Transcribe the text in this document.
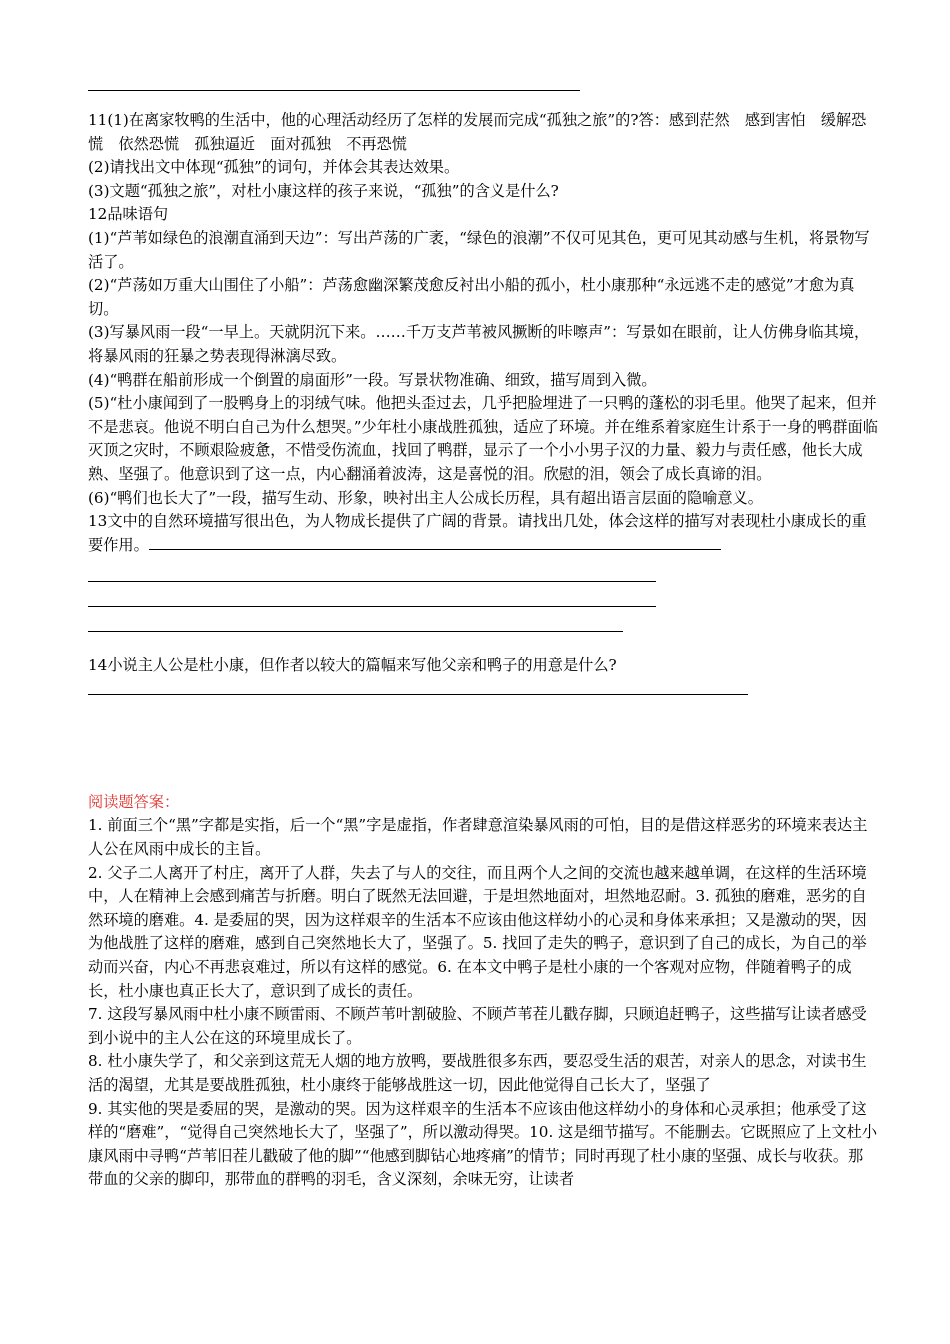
11(1)在离家牧鸭的生活中，他的心理活动经历了怎样的发展而完成“孤独之旅”的?答：感到茫然　感到害怕　缓解恐慌　依然恐慌　孤独逼近　面对孤独　不再恐慌

(2)请找出文中体现“孤独”的词句，并体会其表达效果。

(3)文题“孤独之旅”，对杜小康这样的孩子来说，“孤独”的含义是什么?

12品味语句

(1)“芦苇如绿色的浪潮直涌到天边”：写出芦荡的广袤，“绿色的浪潮”不仅可见其色，更可见其动感与生机，将景物写活了。

(2)“芦荡如万重大山围住了小船”：芦荡愈幽深繁茂愈反衬出小船的孤小，杜小康那种“永远逃不走的感觉”才愈为真切。

(3)写暴风雨一段“一早上。天就阴沉下来。……千万支芦苇被风撅断的咔嚓声”：写景如在眼前，让人仿佛身临其境，将暴风雨的狂暴之势表现得淋漓尽致。

(4)“鸭群在船前形成一个倒置的扇面形”一段。写景状物准确、细致，描写周到入微。

(5)“杜小康闻到了一股鸭身上的羽绒气味。他把头歪过去，几乎把脸埋进了一只鸭的蓬松的羽毛里。他哭了起来，但并不是悲哀。他说不明白自己为什么想哭。”少年杜小康战胜孤独，适应了环境。并在维系着家庭生计系于一身的鸭群面临灭顶之灾时，不顾艰险疲惫，不惜受伤流血，找回了鸭群，显示了一个小小男子汉的力量、毅力与责任感，他长大成熟、坚强了。他意识到了这一点，内心翻涌着波涛，这是喜悦的泪。欣慰的泪，领会了成长真谛的泪。

(6)“鸭们也长大了”一段，描写生动、形象，映衬出主人公成长历程，具有超出语言层面的隐喻意义。

13文中的自然环境描写很出色，为人物成长提供了广阔的背景。请找出几处，体会这样的描写对表现杜小康成长的重要作用。

14小说主人公是杜小康，但作者以较大的篇幅来写他父亲和鸭子的用意是什么?

阅读题答案：

1. 前面三个“黑”字都是实指，后一个“黑”字是虚指，作者肆意渲染暴风雨的可怕，目的是借这样恶劣的环境来表达主人公在风雨中成长的主旨。

2. 父子二人离开了村庄，离开了人群，失去了与人的交往，而且两个人之间的交流也越来越单调，在这样的生活环境中，人在精神上会感到痛苦与折磨。明白了既然无法回避，于是坦然地面对，坦然地忍耐。3. 孤独的磨难，恶劣的自然环境的磨难。4. 是委屈的哭，因为这样艰辛的生活本不应该由他这样幼小的心灵和身体来承担；又是激动的哭，因为他战胜了这样的磨难，感到自己突然地长大了，坚强了。5. 找回了走失的鸭子，意识到了自己的成长，为自己的举动而兴奋，内心不再悲哀难过，所以有这样的感觉。6. 在本文中鸭子是杜小康的一个客观对应物，伴随着鸭子的成长，杜小康也真正长大了，意识到了成长的责任。

7. 这段写暴风雨中杜小康不顾雷雨、不顾芦苇叶割破脸、不顾芦苇茬儿戳存脚，只顾追赶鸭子，这些描写让读者感受到小说中的主人公在这的环境里成长了。

8. 杜小康失学了，和父亲到这荒无人烟的地方放鸭，要战胜很多东西，要忍受生活的艰苦，对亲人的思念，对读书生活的渴望，尤其是要战胜孤独，杜小康终于能够战胜这一切，因此他觉得自己长大了，坚强了

9. 其实他的哭是委屈的哭，是激动的哭。因为这样艰辛的生活本不应该由他这样幼小的身体和心灵承担；他承受了这样的“磨难”，“觉得自己突然地长大了，坚强了”，所以激动得哭。10. 这是细节描写。不能删去。它既照应了上文杜小康风雨中寻鸭“芦苇旧茬儿戳破了他的脚”“他感到脚钻心地疼痛”的情节；同时再现了杜小康的坚强、成长与收获。那带血的父亲的脚印，那带血的群鸭的羽毛，含义深刻，余味无穷，让读者
